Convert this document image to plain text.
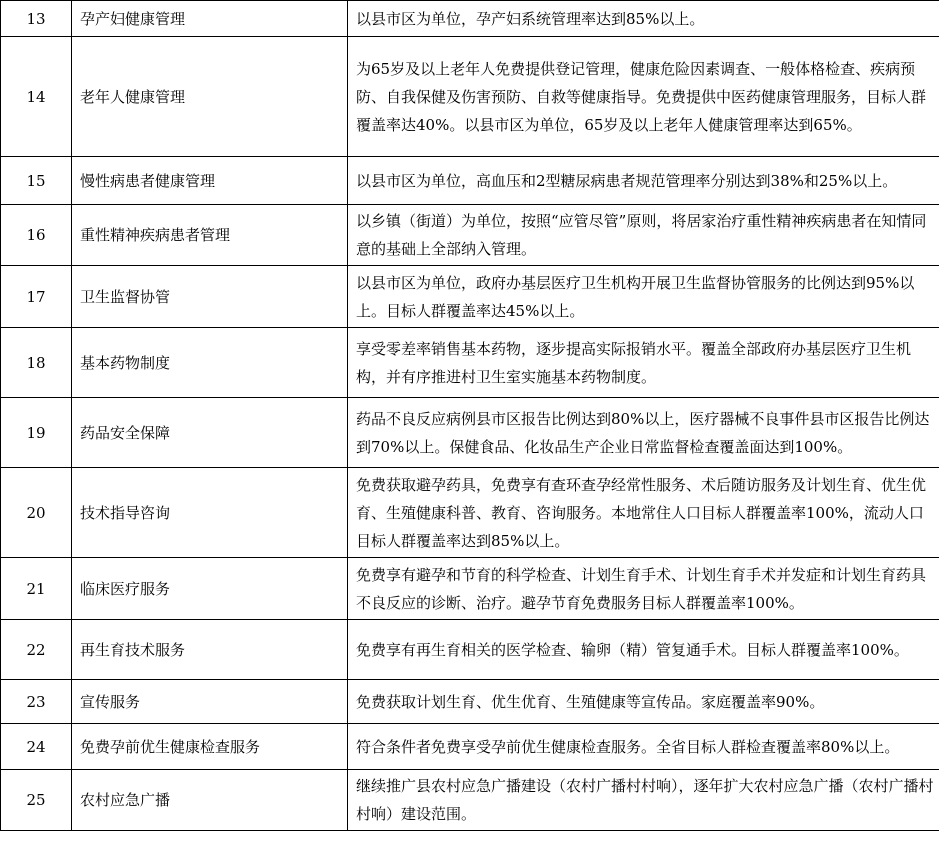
13	孕产妇健康管理	以县市区为单位，孕产妇系统管理率达到85%以上。
14	老年人健康管理	为65岁及以上老年人免费提供登记管理，健康危险因素调查、一般体格检查、疾病预防、自我保健及伤害预防、自救等健康指导。免费提供中医药健康管理服务，目标人群覆盖率达40%。以县市区为单位，65岁及以上老年人健康管理率达到65%。
15	慢性病患者健康管理	以县市区为单位，高血压和2型糖尿病患者规范管理率分别达到38%和25%以上。
16	重性精神疾病患者管理	以乡镇（街道）为单位，按照“应管尽管”原则，将居家治疗重性精神疾病患者在知情同意的基础上全部纳入管理。
17	卫生监督协管	以县市区为单位，政府办基层医疗卫生机构开展卫生监督协管服务的比例达到95%以上。目标人群覆盖率达45%以上。
18	基本药物制度	享受零差率销售基本药物，逐步提高实际报销水平。覆盖全部政府办基层医疗卫生机构，并有序推进村卫生室实施基本药物制度。
19	药品安全保障	药品不良反应病例县市区报告比例达到80%以上，医疗器械不良事件县市区报告比例达到70%以上。保健食品、化妆品生产企业日常监督检查覆盖面达到100%。
20	技术指导咨询	免费获取避孕药具，免费享有查环查孕经常性服务、术后随访服务及计划生育、优生优育、生殖健康科普、教育、咨询服务。本地常住人口目标人群覆盖率100%，流动人口目标人群覆盖率达到85%以上。
21	临床医疗服务	免费享有避孕和节育的科学检查、计划生育手术、计划生育手术并发症和计划生育药具不良反应的诊断、治疗。避孕节育免费服务目标人群覆盖率100%。
22	再生育技术服务	免费享有再生育相关的医学检查、输卵（精）管复通手术。目标人群覆盖率100%。
23	宣传服务	免费获取计划生育、优生优育、生殖健康等宣传品。家庭覆盖率90%。
24	免费孕前优生健康检查服务	符合条件者免费享受孕前优生健康检查服务。全省目标人群检查覆盖率80%以上。
25	农村应急广播	继续推广县农村应急广播建设（农村广播村村响），逐年扩大农村应急广播（农村广播村村响）建设范围。
